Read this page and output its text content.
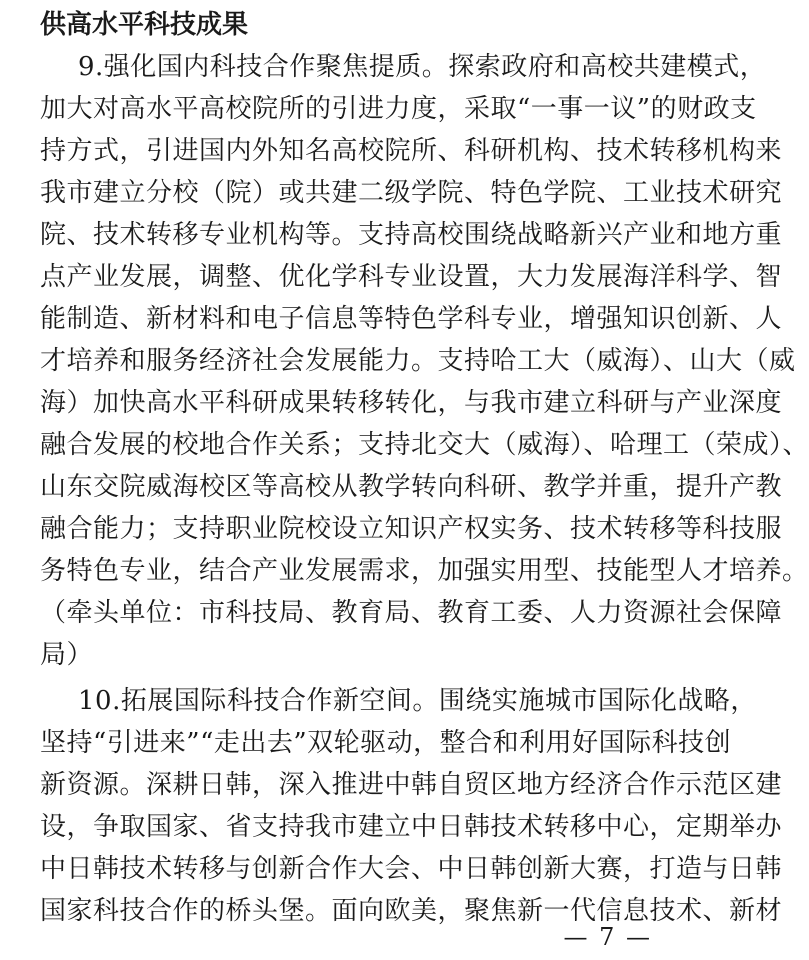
供高水平科技成果
9.强化国内科技合作聚焦提质。探索政府和高校共建模式，
加大对高水平高校院所的引进力度，采取“一事一议”的财政支
持方式，引进国内外知名高校院所、科研机构、技术转移机构来
我市建立分校（院）或共建二级学院、特色学院、工业技术研究
院、技术转移专业机构等。支持高校围绕战略新兴产业和地方重
点产业发展，调整、优化学科专业设置，大力发展海洋科学、智
能制造、新材料和电子信息等特色学科专业，增强知识创新、人
才培养和服务经济社会发展能力。支持哈工大（威海）、山大（威
海）加快高水平科研成果转移转化，与我市建立科研与产业深度
融合发展的校地合作关系；支持北交大（威海）、哈理工（荣成）、
山东交院威海校区等高校从教学转向科研、教学并重，提升产教
融合能力；支持职业院校设立知识产权实务、技术转移等科技服
务特色专业，结合产业发展需求，加强实用型、技能型人才培养。
（牵头单位：市科技局、教育局、教育工委、人力资源社会保障
局）
10.拓展国际科技合作新空间。围绕实施城市国际化战略，
坚持“引进来”“走出去”双轮驱动，整合和利用好国际科技创
新资源。深耕日韩，深入推进中韩自贸区地方经济合作示范区建
设，争取国家、省支持我市建立中日韩技术转移中心，定期举办
中日韩技术转移与创新合作大会、中日韩创新大赛，打造与日韩
国家科技合作的桥头堡。面向欧美，聚焦新一代信息技术、新材
— 7 —
